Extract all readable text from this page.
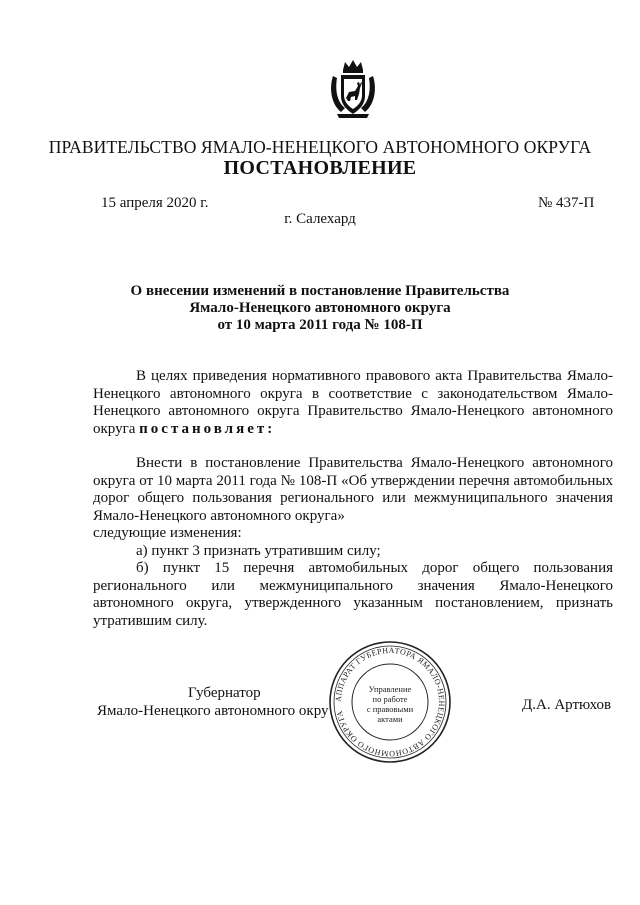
ПРАВИТЕЛЬСТВО ЯМАЛО-НЕНЕЦКОГО АВТОНОМНОГО ОКРУГА
ПОСТАНОВЛЕНИЕ
15 апреля 2020 г.	№ 437-П
г. Салехард
О внесении изменений в постановление Правительства
Ямало-Ненецкого автономного округа
от 10 марта 2011 года № 108-П

В целях приведения нормативного правового акта Правительства Ямало-Ненецкого автономного округа в соответствие с законодательством Ямало-Ненецкого автономного округа Правительство Ямало-Ненецкого автономного округа постановляет:

Внести в постановление Правительства Ямало-Ненецкого автономного округа от 10 марта 2011 года № 108-П «Об утверждении перечня автомобильных дорог общего пользования регионального или межмуниципального значения Ямало-Ненецкого автономного округа»

следующие изменения:

а) пункт 3 признать утратившим силу;

б) пункт 15 перечня автомобильных дорог общего пользования регионального или межмуниципального значения Ямало-Ненецкого автономного округа, утвержденного указанным постановлением, признать утратившим силу.

Губернатор
Ямало-Ненецкого автономного окру	Д.А. Артюхов
АППАРАТ ГУБЕРНАТОРА ЯМАЛО-НЕНЕЦКОГО АВТОНОМНОГО ОКРУГА
Управление
по работе
с правовыми
актами
